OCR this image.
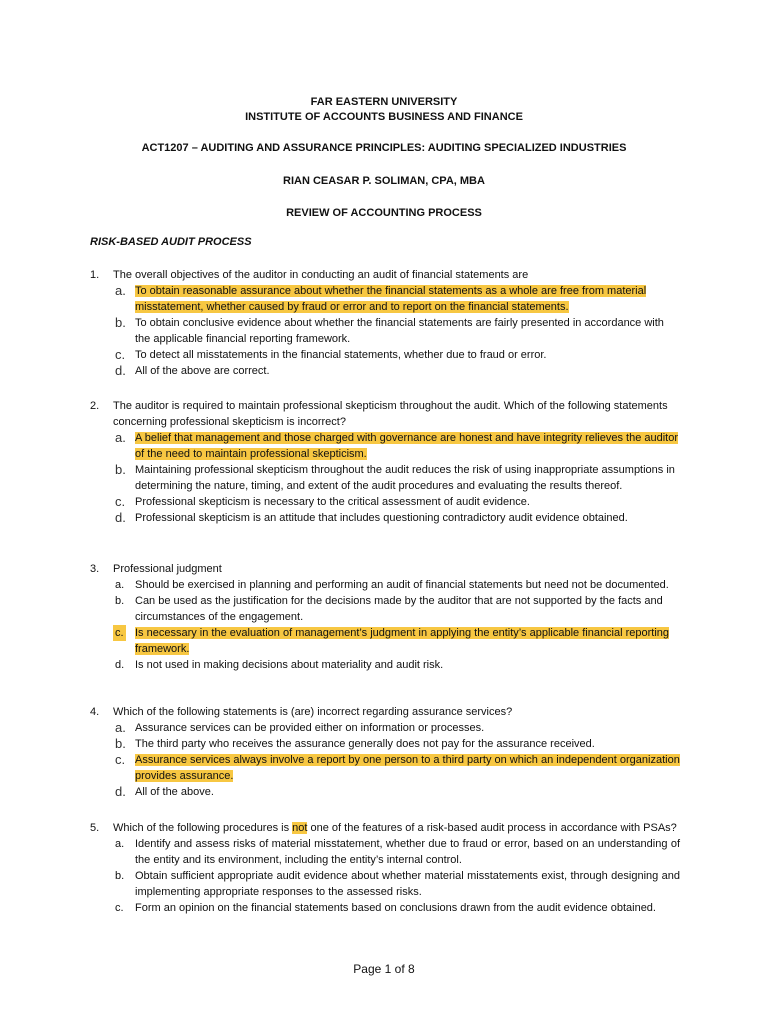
FAR EASTERN UNIVERSITY
INSTITUTE OF ACCOUNTS BUSINESS AND FINANCE
ACT1207 – AUDITING AND ASSURANCE PRINCIPLES: AUDITING SPECIALIZED INDUSTRIES
RIAN CEASAR P. SOLIMAN, CPA, MBA
REVIEW OF ACCOUNTING PROCESS
RISK-BASED AUDIT PROCESS
1. The overall objectives of the auditor in conducting an audit of financial statements are
a. To obtain reasonable assurance about whether the financial statements as a whole are free from material misstatement, whether caused by fraud or error and to report on the financial statements.
b. To obtain conclusive evidence about whether the financial statements are fairly presented in accordance with the applicable financial reporting framework.
c. To detect all misstatements in the financial statements, whether due to fraud or error.
d. All of the above are correct.
2. The auditor is required to maintain professional skepticism throughout the audit. Which of the following statements concerning professional skepticism is incorrect?
a. A belief that management and those charged with governance are honest and have integrity relieves the auditor of the need to maintain professional skepticism.
b. Maintaining professional skepticism throughout the audit reduces the risk of using inappropriate assumptions in determining the nature, timing, and extent of the audit procedures and evaluating the results thereof.
c. Professional skepticism is necessary to the critical assessment of audit evidence.
d. Professional skepticism is an attitude that includes questioning contradictory audit evidence obtained.
3. Professional judgment
a. Should be exercised in planning and performing an audit of financial statements but need not be documented.
b. Can be used as the justification for the decisions made by the auditor that are not supported by the facts and circumstances of the engagement.
c. Is necessary in the evaluation of management’s judgment in applying the entity’s applicable financial reporting framework.
d. Is not used in making decisions about materiality and audit risk.
4. Which of the following statements is (are) incorrect regarding assurance services?
a. Assurance services can be provided either on information or processes.
b. The third party who receives the assurance generally does not pay for the assurance received.
c. Assurance services always involve a report by one person to a third party on which an independent organization provides assurance.
d. All of the above.
5. Which of the following procedures is not one of the features of a risk-based audit process in accordance with PSAs?
a. Identify and assess risks of material misstatement, whether due to fraud or error, based on an understanding of the entity and its environment, including the entity’s internal control.
b. Obtain sufficient appropriate audit evidence about whether material misstatements exist, through designing and implementing appropriate responses to the assessed risks.
c. Form an opinion on the financial statements based on conclusions drawn from the audit evidence obtained.
Page 1 of 8
